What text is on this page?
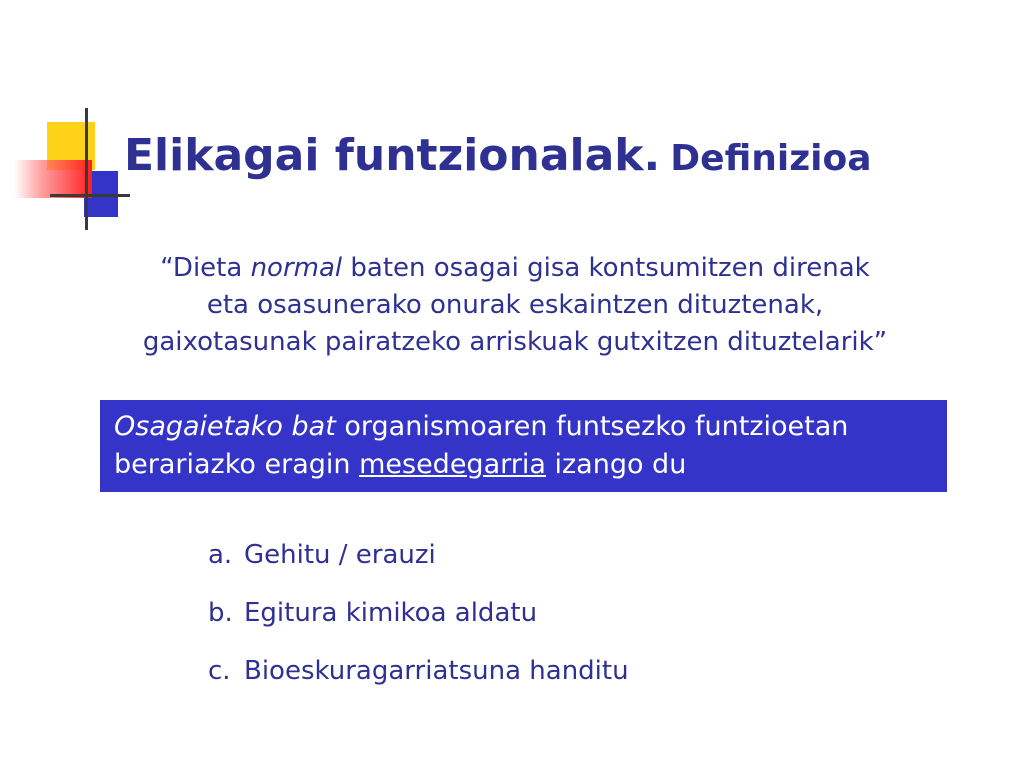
Elikagai funtzionalak. Definizioa
“Dieta normal baten osagai gisa kontsumitzen direnak
eta osasunerako onurak eskaintzen dituztenak,
gaixotasunak pairatzeko arriskuak gutxitzen dituztelarik”
Osagaietako bat organismoaren funtsezko funtzioetan
berariazko eragin mesedegarria izango du
a. Gehitu / erauzi
b. Egitura kimikoa aldatu
c. Bioeskuragarriatsuna handitu
